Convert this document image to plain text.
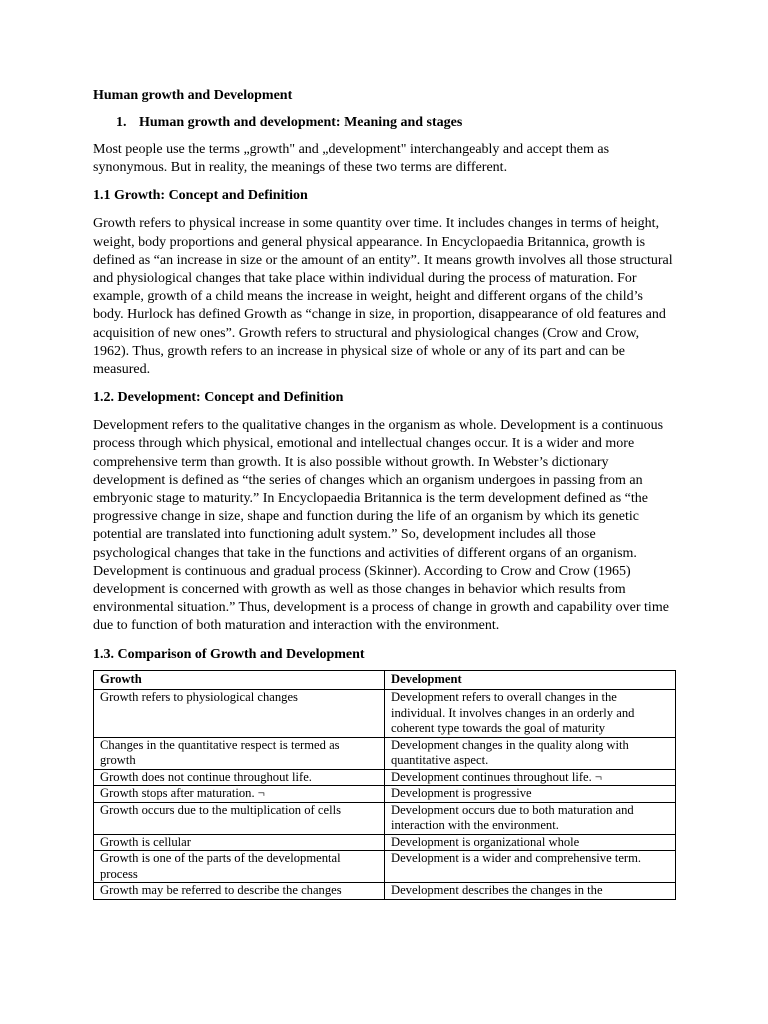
Human growth and Development

1. Human growth and development: Meaning and stages

Most people use the terms „growth" and „development" interchangeably and accept them as synonymous. But in reality, the meanings of these two terms are different.

1.1 Growth: Concept and Definition

Growth refers to physical increase in some quantity over time. It includes changes in terms of height, weight, body proportions and general physical appearance. In Encyclopaedia Britannica, growth is defined as “an increase in size or the amount of an entity”. It means growth involves all those structural and physiological changes that take place within individual during the process of maturation. For example, growth of a child means the increase in weight, height and different organs of the child’s body. Hurlock has defined Growth as “change in size, in proportion, disappearance of old features and acquisition of new ones”. Growth refers to structural and physiological changes (Crow and Crow, 1962). Thus, growth refers to an increase in physical size of whole or any of its part and can be measured.

1.2. Development: Concept and Definition

Development refers to the qualitative changes in the organism as whole. Development is a continuous process through which physical, emotional and intellectual changes occur. It is a wider and more comprehensive term than growth. It is also possible without growth. In Webster’s dictionary development is defined as “the series of changes which an organism undergoes in passing from an embryonic stage to maturity.” In Encyclopaedia Britannica is the term development defined as “the progressive change in size, shape and function during the life of an organism by which its genetic potential are translated into functioning adult system.” So, development includes all those psychological changes that take in the functions and activities of different organs of an organism. Development is continuous and gradual process (Skinner). According to Crow and Crow (1965) development is concerned with growth as well as those changes in behavior which results from environmental situation.” Thus, development is a process of change in growth and capability over time due to function of both maturation and interaction with the environment.

1.3. Comparison of Growth and Development

Growth	Development
Growth refers to physiological changes	Development refers to overall changes in the individual. It involves changes in an orderly and coherent type towards the goal of maturity
Changes in the quantitative respect is termed as growth	Development changes in the quality along with quantitative aspect.
Growth does not continue throughout life.	Development continues throughout life. ¬
Growth stops after maturation. ¬	Development is progressive
Growth occurs due to the multiplication of cells	Development occurs due to both maturation and interaction with the environment.
Growth is cellular	Development is organizational whole
Growth is one of the parts of the developmental process	Development is a wider and comprehensive term.
Growth may be referred to describe the changes	Development describes the changes in the
